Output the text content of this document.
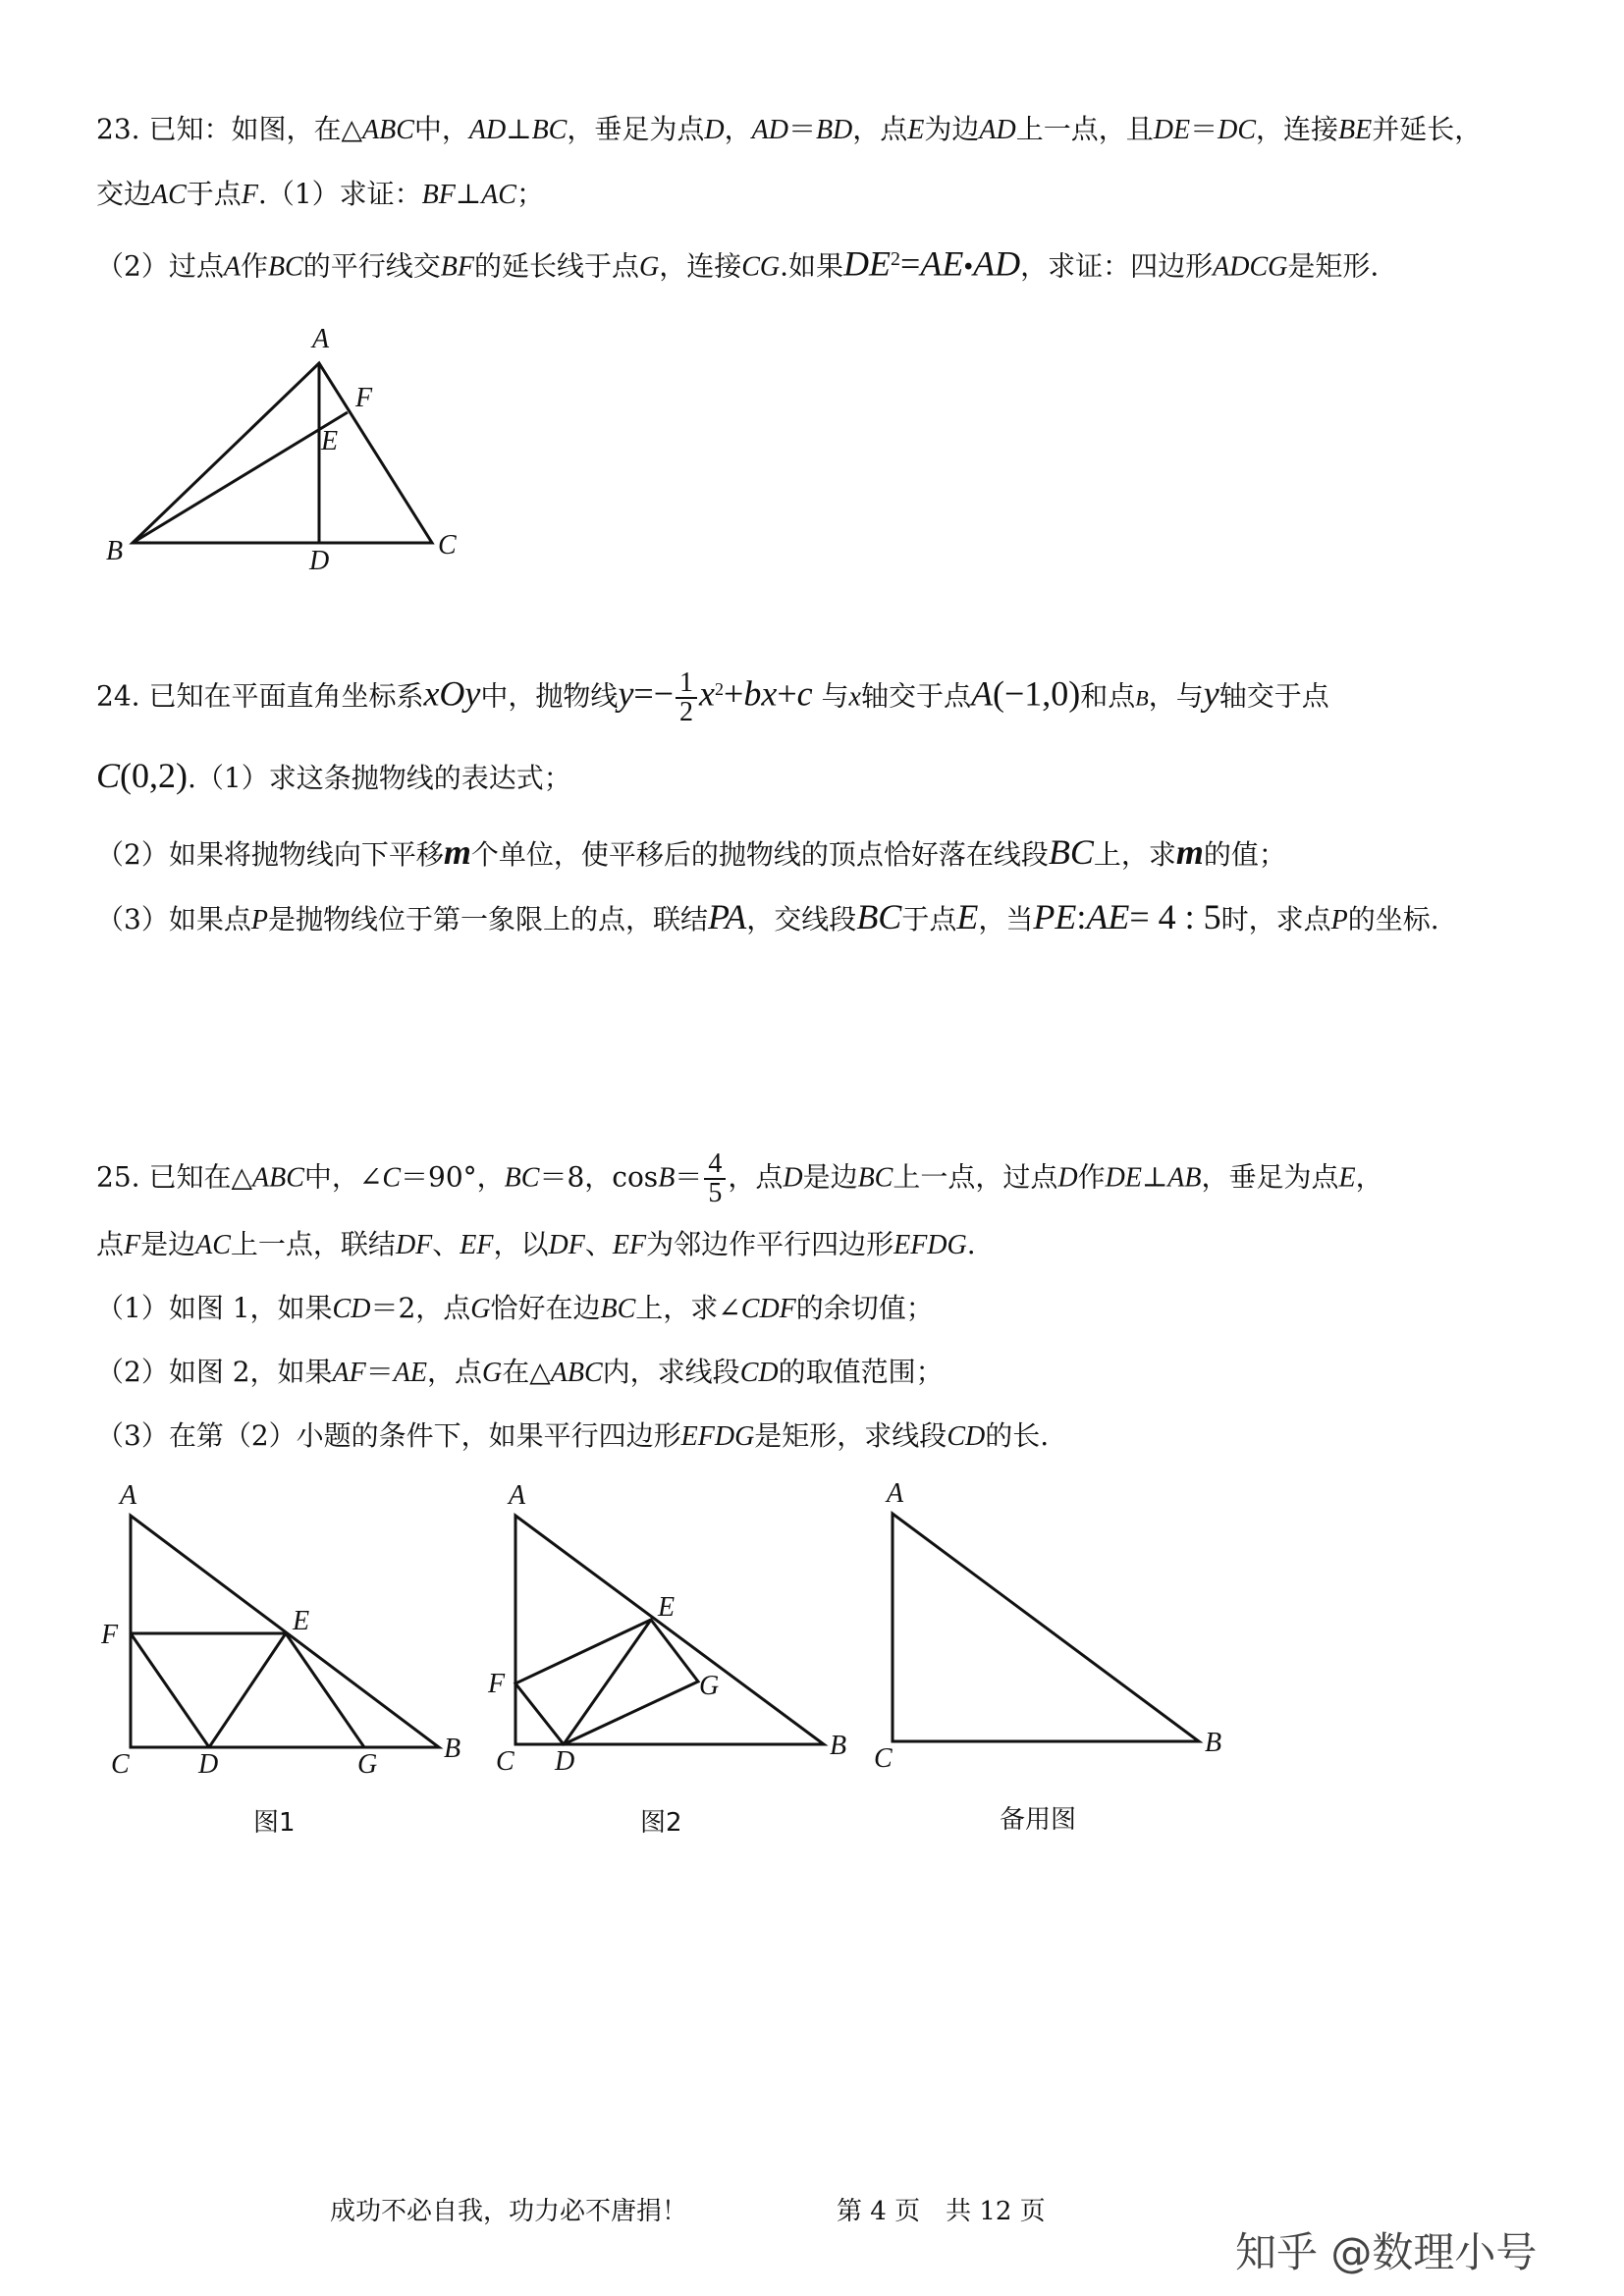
23. 已知：如图，在△ABC中，AD⊥BC，垂足为点D，AD＝BD，点E为边AD上一点，且DE＝DC，连接BE并延长，
交边AC于点F.（1）求证：BF⊥AC；
（2）过点A作BC的平行线交BF的延长线于点G，连接CG.如果$DE^2=AE•AD$，求证：四边形ADCG是矩形.
24. 已知在平面直角坐标系xOy中，抛物线$y=- \frac{1}{2} x^2+bx+c$ 与x轴交于点A(−1,0)和点B，与y轴交于点
C(0,2).（1）求这条抛物线的表达式；
（2）如果将抛物线向下平移m个单位，使平移后的抛物线的顶点恰好落在线段BC上，求m的值；
（3）如果点P是抛物线位于第一象限上的点，联结PA，交线段BC于点E，当PE:AE= 4 : 5时，求点P的坐标.
25. 已知在△ABC中，∠C＝90°，BC＝8，$\cos B= \frac{4}{5}$ ，点D是边BC上一点，过点D作DE⊥AB，垂足为点E，
点F是边AC上一点，联结DF、EF，以DF、EF为邻边作平行四边形EFDG.
（1）如图 1，如果CD＝2，点G恰好在边BC上，求∠CDF的余切值；
（2）如图 2，如果AF＝AE，点G在△ABC内，求线段CD的取值范围；
（3）在第（2）小题的条件下，如果平行四边形EFDG是矩形，求线段CD的长.
A
F
E
B	D
C
A
F	E
C	D	G
B
图1
A
E
F	G
C D
B
图2
A
C
B
备用图
成功不必自我，功力必不唐捐！	第 4 页　共 12 页
知乎 @数理小号
